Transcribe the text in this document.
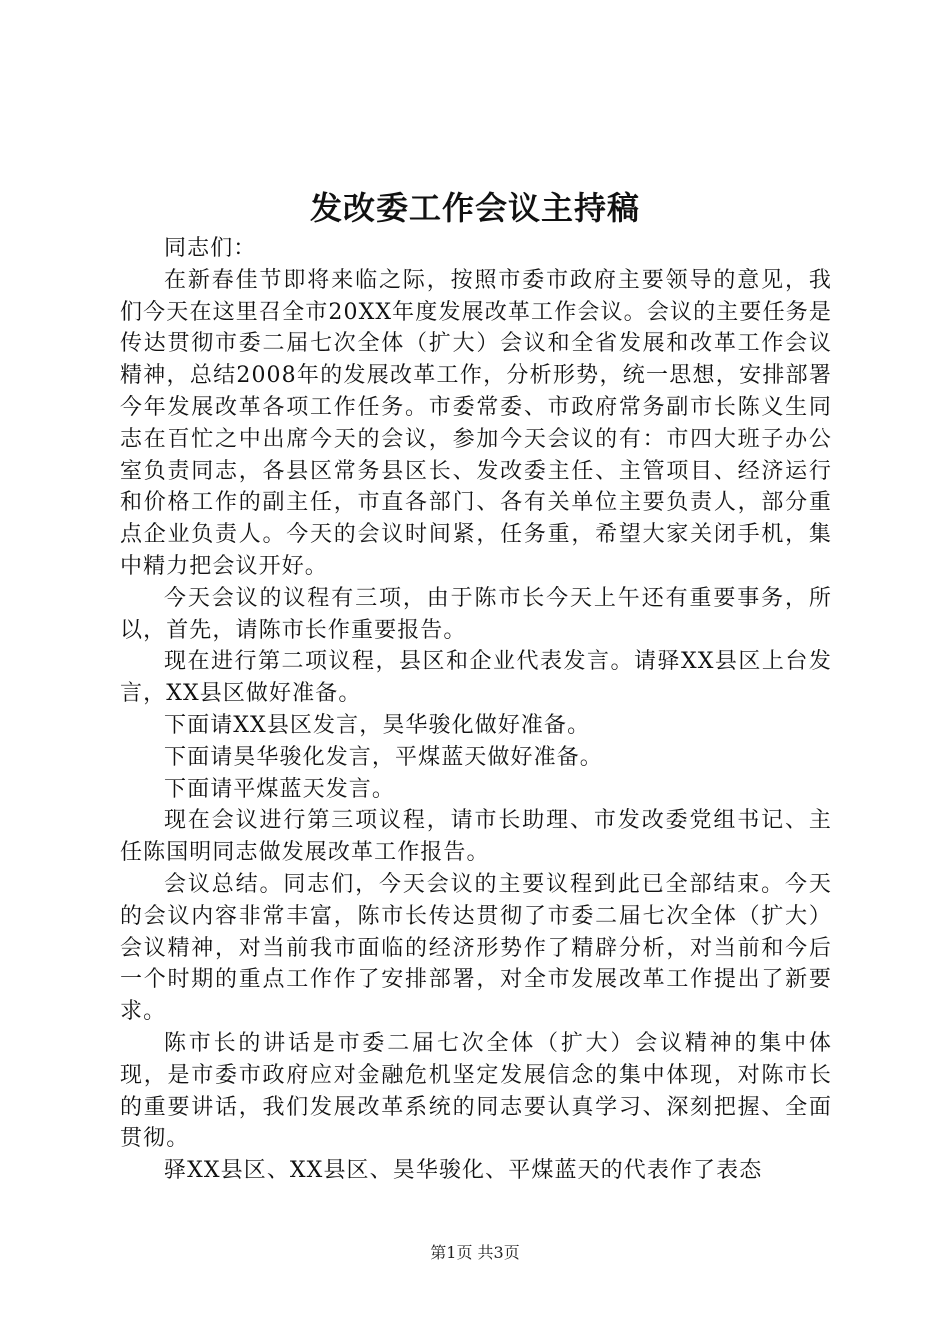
发改委工作会议主持稿

同志们：

在新春佳节即将来临之际，按照市委市政府主要领导的意见，我们今天在这里召全市20XX年度发展改革工作会议。会议的主要任务是传达贯彻市委二届七次全体（扩大）会议和全省发展和改革工作会议精神，总结2008年的发展改革工作，分析形势，统一思想，安排部署今年发展改革各项工作任务。市委常委、市政府常务副市长陈义生同志在百忙之中出席今天的会议，参加今天会议的有：市四大班子办公室负责同志，各县区常务县区长、发改委主任、主管项目、经济运行和价格工作的副主任，市直各部门、各有关单位主要负责人，部分重点企业负责人。今天的会议时间紧，任务重，希望大家关闭手机，集中精力把会议开好。

今天会议的议程有三项，由于陈市长今天上午还有重要事务，所以，首先，请陈市长作重要报告。

现在进行第二项议程，县区和企业代表发言。请驿XX县区上台发言，XX县区做好准备。

下面请XX县区发言，昊华骏化做好准备。

下面请昊华骏化发言，平煤蓝天做好准备。

下面请平煤蓝天发言。

现在会议进行第三项议程，请市长助理、市发改委党组书记、主任陈国明同志做发展改革工作报告。

会议总结。同志们，今天会议的主要议程到此已全部结束。今天的会议内容非常丰富，陈市长传达贯彻了市委二届七次全体（扩大）会议精神，对当前我市面临的经济形势作了精辟分析，对当前和今后一个时期的重点工作作了安排部署，对全市发展改革工作提出了新要求。

陈市长的讲话是市委二届七次全体（扩大）会议精神的集中体现，是市委市政府应对金融危机坚定发展信念的集中体现，对陈市长的重要讲话，我们发展改革系统的同志要认真学习、深刻把握、全面贯彻。

驿XX县区、XX县区、昊华骏化、平煤蓝天的代表作了表态

第1页 共3页
